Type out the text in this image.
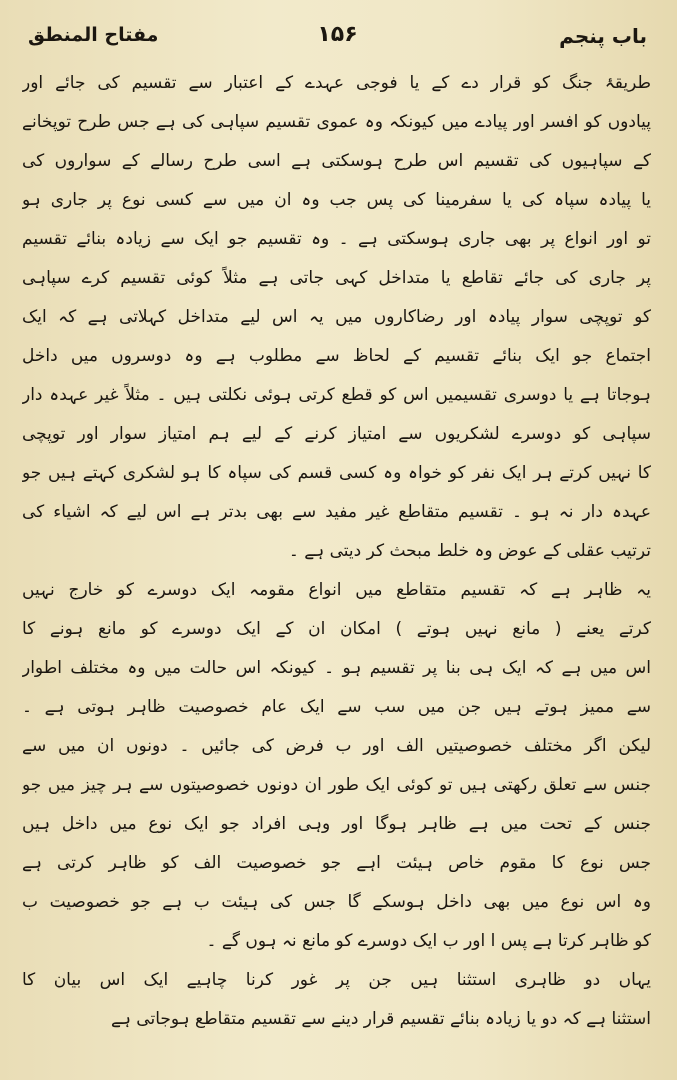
باب پنجم
۱۵۶
مفتاح المنطق
طریقۂ جنگ کو قرار دے کے یا فوجی عہدے کے اعتبار سے تقسیم کی جائے اور
پیادوں کو افسر اور پیادے میں کیونکہ وہ عموی تقسیم سپاہی کی ہے جس طرح توپخانے
کے سپاہیوں کی تقسیم اس طرح ہوسکتی ہے اسی طرح رسالے کے سواروں کی
یا پیادہ سپاہ کی یا سفرمینا کی پس جب وہ ان میں سے کسی نوع پر جاری ہو
تو اور انواع پر بھی جاری ہوسکتی ہے ۔ وہ تقسیم جو ایک سے زیادہ بنائے تقسیم
پر جاری کی جائے تقاطع یا متداخل کہی جاتی ہے مثلاً کوئی تقسیم کرے سپاہی
کو توپچی سوار پیادہ اور رضاکاروں میں یہ اس لیے متداخل کہلاتی ہے کہ ایک
اجتماع جو ایک بنائے تقسیم کے لحاظ سے مطلوب ہے وہ دوسروں میں داخل
ہوجاتا ہے یا دوسری تقسیمیں اس کو قطع کرتی ہوئی نکلتی ہیں ۔ مثلاً غیر عہدہ دار
سپاہی کو دوسرے لشکریوں سے امتیاز کرنے کے لیے ہم امتیاز سوار اور توپچی
کا نہیں کرتے ہر ایک نفر کو خواہ وہ کسی قسم کی سپاہ کا ہو لشکری کہتے ہیں جو
عہدہ دار نہ ہو ۔ تقسیم متقاطع غیر مفید سے بھی بدتر ہے اس لیے کہ اشیاء کی
ترتیب عقلی کے عوض وہ خلط مبحث کر دیتی ہے ۔
یہ ظاہر ہے کہ تقسیم متقاطع میں انواع مقومہ ایک دوسرے کو خارج نہیں
کرتے یعنے ( مانع نہیں ہوتے ) امکان ان کے ایک دوسرے کو مانع ہونے کا
اس میں ہے کہ ایک ہی بنا پر تقسیم ہو ۔ کیونکہ اس حالت میں وہ مختلف اطوار
سے ممیز ہوتے ہیں جن میں سب سے ایک عام خصوصیت ظاہر ہوتی ہے ۔
لیکن اگر مختلف خصوصیتیں الف اور ب فرض کی جائیں ۔ دونوں ان میں سے
جنس سے تعلق رکھتی ہیں تو کوئی ایک طور ان دونوں خصوصیتوں سے ہر چیز میں جو
جنس کے تحت میں ہے ظاہر ہوگا اور وہی افراد جو ایک نوع میں داخل ہیں
جس نوع کا مقوم خاص ہیئت اہے جو خصوصیت الف کو ظاہر کرتی ہے
وہ اس نوع میں بھی داخل ہوسکے گا جس کی ہیئت ب ہے جو خصوصیت ب
کو ظاہر کرتا ہے پس ا اور ب ایک دوسرے کو مانع نہ ہوں گے ۔
یہاں دو ظاہری استثنا ہیں جن پر غور کرنا چاہیے ایک اس بیان کا
استثنا ہے کہ دو یا زیادہ بنائے تقسیم قرار دینے سے تقسیم متقاطع ہوجاتی ہے
